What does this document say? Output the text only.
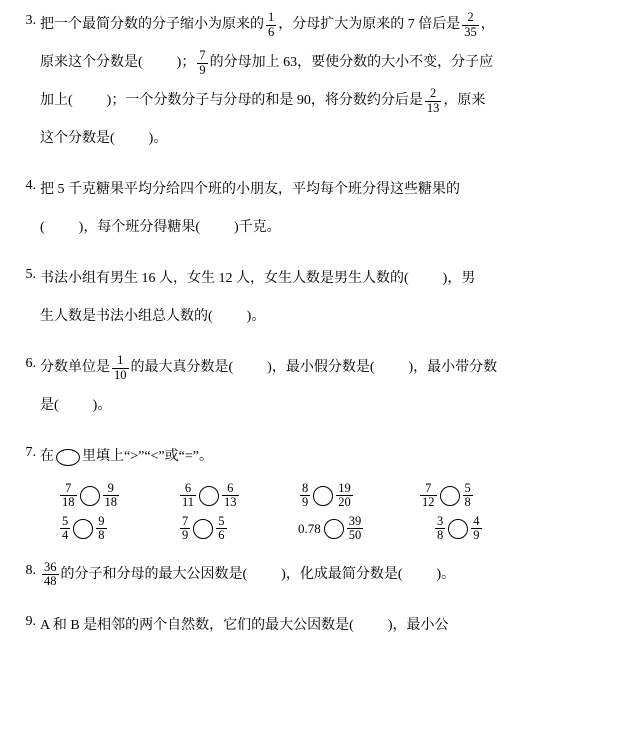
3. 把一个最简分数的分子缩小为原来的 $\frac{1}{6}$ ，分母扩大为原来的 7 倍后是 $\frac{2}{35}$ ，
原来这个分数是( )； $\frac{7}{9}$ 的分母加上 63，要使分数的大小不变，分子应
加上( )；一个分数分子与分母的和是 90，将分数约分后是 $\frac{2}{13}$ ，原来
这个分数是( )。
4. 把 5 千克糖果平均分给四个班的小朋友，平均每个班分得这些糖果的
( )，每个班分得糖果( )千克。
5. 书法小组有男生 16 人，女生 12 人，女生人数是男生人数的( )，男
生人数是书法小组总人数的( )。
6. 分数单位是 $\frac{1}{10}$ 的最大真分数是( )，最小假分数是( )，最小带分数
是( )。
7. 在 里填上“>”“<”或“=”。
$\frac{7}{18} \frac{9}{18}$	$\frac{6}{11} \frac{6}{13}$	$\frac{8}{9} \frac{19}{20}$	$\frac{7}{12} \frac{5}{8}$
$\frac{5}{4} \frac{9}{8}$	$\frac{7}{9} \frac{5}{6}$	$0.78 \frac{39}{50}$	$\frac{3}{8} \frac{4}{9}$
8. $\frac{36}{48}$ 的分子和分母的最大公因数是( )，化成最简分数是( )。
9. A 和 B 是相邻的两个自然数，它们的最大公因数是( )，最小公
